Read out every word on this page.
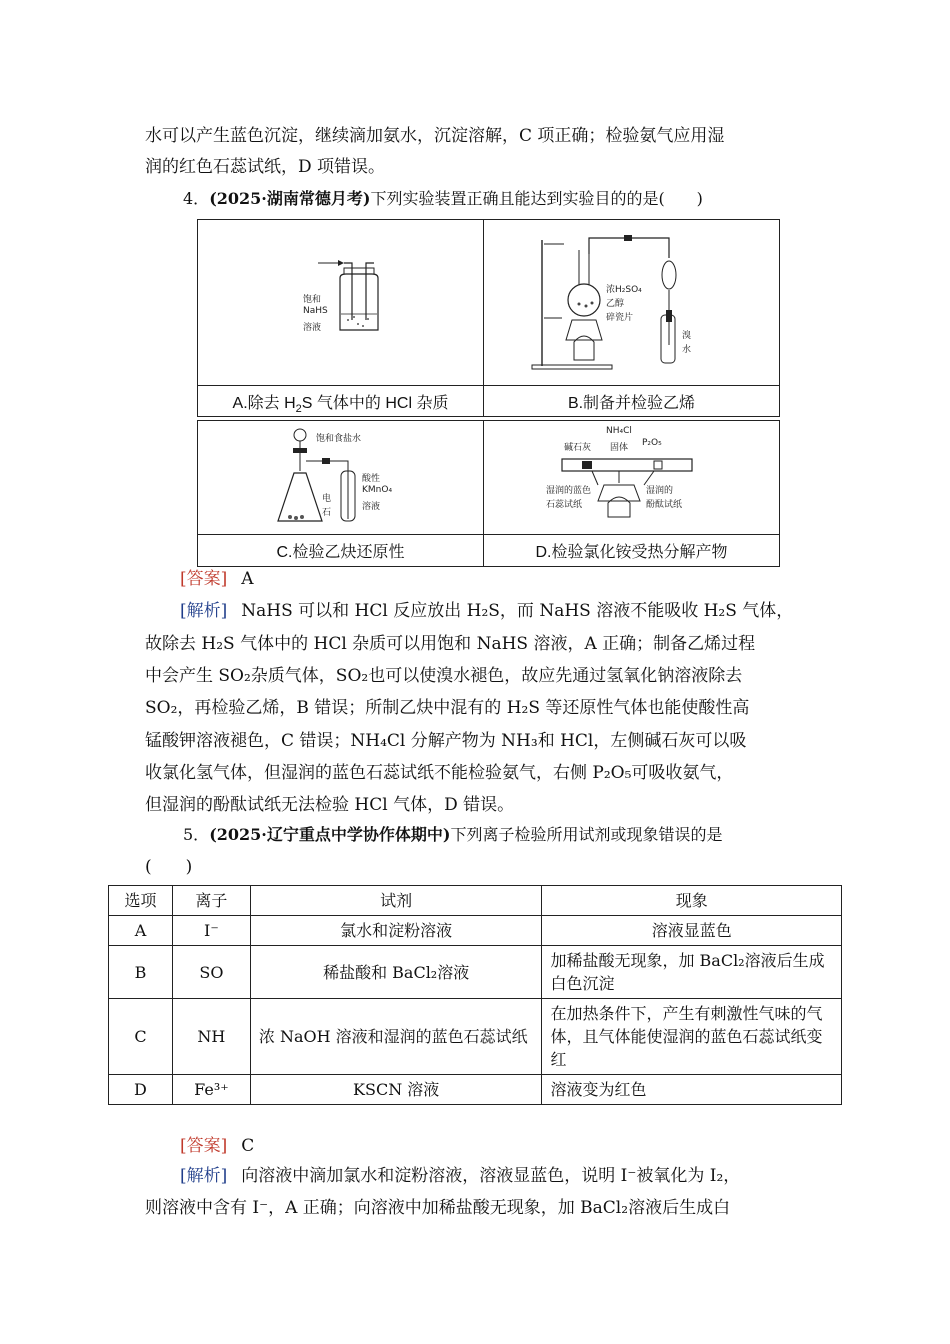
水可以产生蓝色沉淀，继续滴加氨水，沉淀溶解，C 项正确；检验氨气应用湿
润的红色石蕊试纸，D 项错误。
4．(2025·湖南常德月考)下列实验装置正确且能达到实验目的的是(　　)
饱和
NaHS
溶液
A.除去 $H_2S$ 气体中的 HCl 杂质
浓H₂SO₄
乙醇
碎瓷片
溴
水
B.制备并检验乙烯
饱和食盐水
电
石
酸性
KMnO₄
溶液
C.检验乙炔还原性
NH₄Cl
碱石灰 固体 P₂O₅
湿润的蓝色
石蕊试纸
湿润的
酚酞试纸
D.检验氯化铵受热分解产物
[答案] A
[解析] NaHS 可以和 HCl 反应放出 H₂S，而 NaHS 溶液不能吸收 H₂S 气体，
故除去 H₂S 气体中的 HCl 杂质可以用饱和 NaHS 溶液，A 正确；制备乙烯过程
中会产生 SO₂杂质气体，SO₂也可以使溴水褪色，故应先通过氢氧化钠溶液除去
SO₂，再检验乙烯，B 错误；所制乙炔中混有的 H₂S 等还原性气体也能使酸性高
锰酸钾溶液褪色，C 错误；NH₄Cl 分解产物为 NH₃和 HCl，左侧碱石灰可以吸
收氯化氢气体，但湿润的蓝色石蕊试纸不能检验氨气，右侧 P₂O₅可吸收氨气，
但湿润的酚酞试纸无法检验 HCl 气体，D 错误。
5．(2025·辽宁重点中学协作体期中)下列离子检验所用试剂或现象错误的是
(　　)
选项	离子	试剂	现象
A	I⁻	氯水和淀粉溶液	溶液显蓝色
B	SO	稀盐酸和 BaCl₂溶液	加稀盐酸无现象，加 BaCl₂溶液后生成白色沉淀
C	NH	浓 NaOH 溶液和湿润的蓝色石蕊试纸	在加热条件下，产生有刺激性气味的气体，且气体能使湿润的蓝色石蕊试纸变红
D	Fe³⁺	KSCN 溶液	溶液变为红色
[答案] C
[解析] 向溶液中滴加氯水和淀粉溶液，溶液显蓝色，说明 I⁻被氧化为 I₂，
则溶液中含有 I⁻，A 正确；向溶液中加稀盐酸无现象，加 BaCl₂溶液后生成白
